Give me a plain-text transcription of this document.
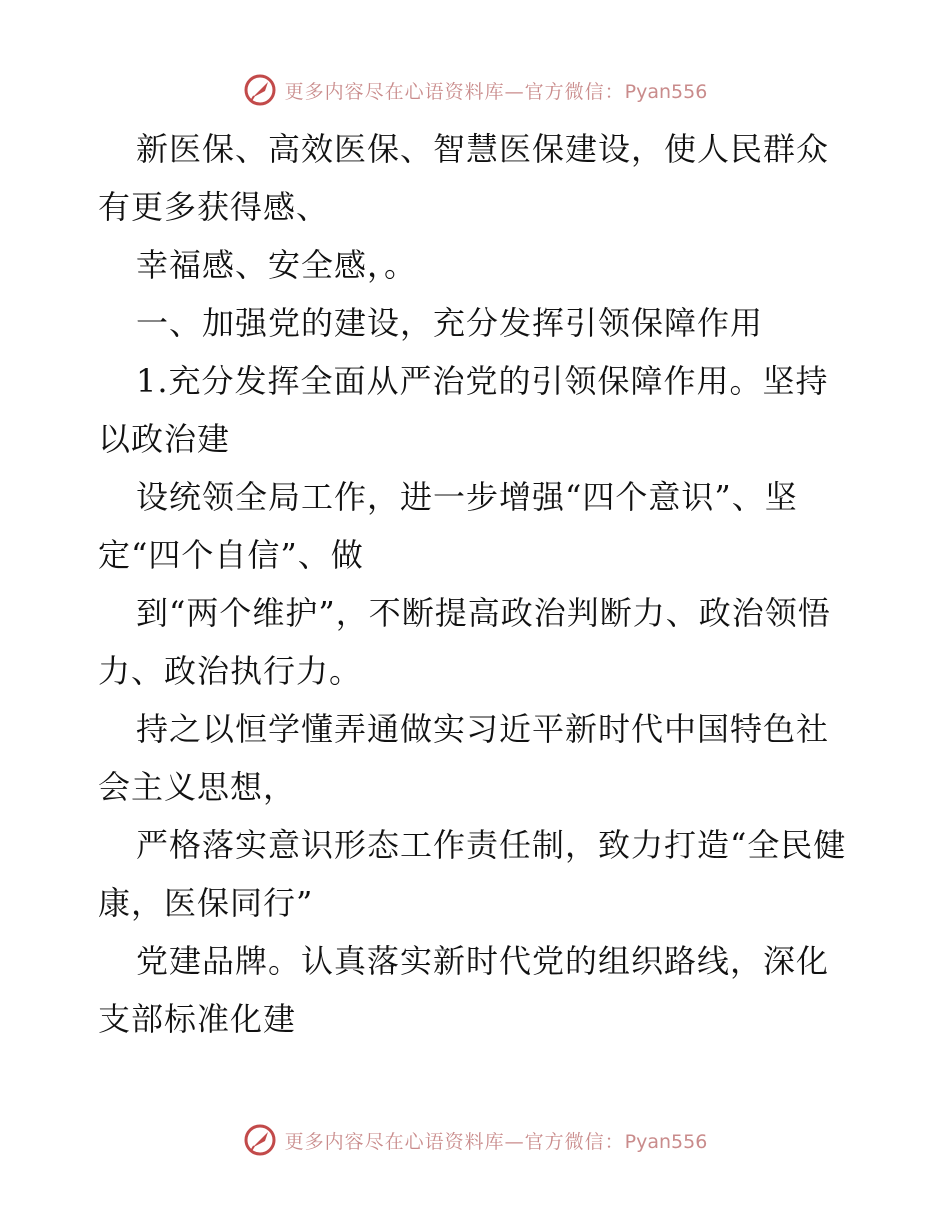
更多内容尽在心语资料库—官方微信：Pyan556

新医保、高效医保、智慧医保建设，使人民群众有更多获得感、

幸福感、安全感，。

一、加强党的建设，充分发挥引领保障作用

1.充分发挥全面从严治党的引领保障作用。坚持以政治建

设统领全局工作，进一步增强“四个意识”、坚定“四个自信”、做

到“两个维护”，不断提高政治判断力、政治领悟力、政治执行力。

持之以恒学懂弄通做实习近平新时代中国特色社会主义思想，

严格落实意识形态工作责任制，致力打造“全民健康，医保同行”

党建品牌。认真落实新时代党的组织路线，深化支部标准化建

更多内容尽在心语资料库—官方微信：Pyan556
